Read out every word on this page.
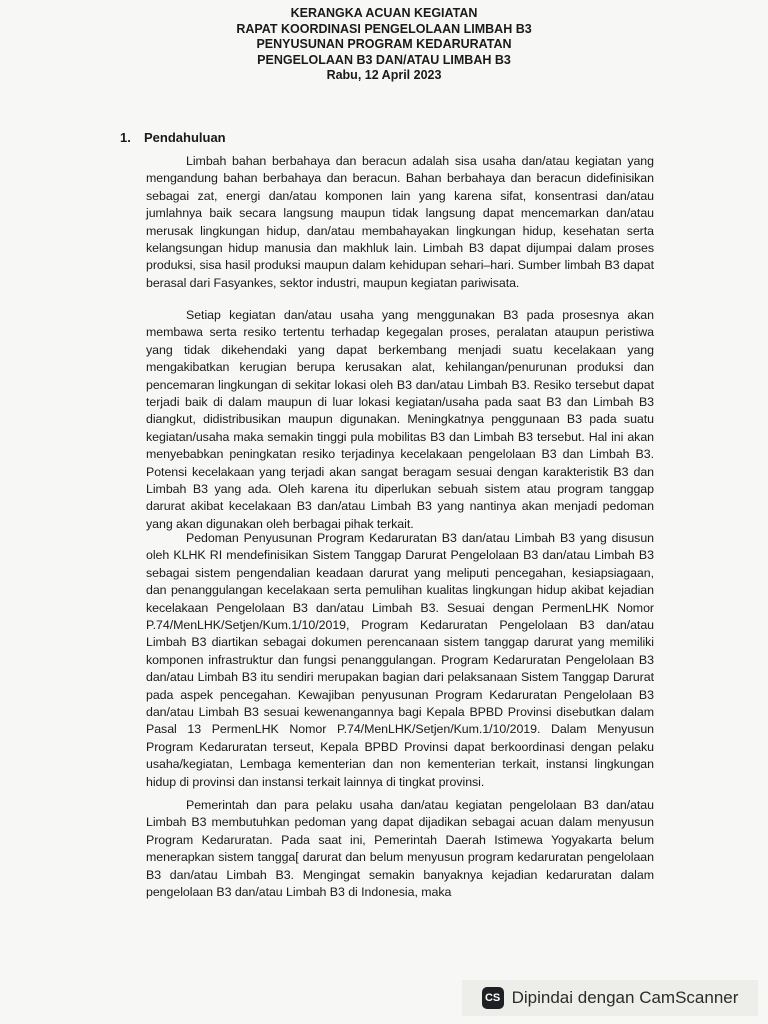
KERANGKA ACUAN KEGIATAN
RAPAT KOORDINASI PENGELOLAAN LIMBAH B3
PENYUSUNAN PROGRAM KEDARURATAN
PENGELOLAAN B3 DAN/ATAU LIMBAH B3
Rabu, 12 April 2023
1. Pendahuluan

Limbah bahan berbahaya dan beracun adalah sisa usaha dan/atau kegiatan yang mengandung bahan berbahaya dan beracun. Bahan berbahaya dan beracun didefinisikan sebagai zat, energi dan/atau komponen lain yang karena sifat, konsentrasi dan/atau jumlahnya baik secara langsung maupun tidak langsung dapat mencemarkan dan/atau merusak lingkungan hidup, dan/atau membahayakan lingkungan hidup, kesehatan serta kelangsungan hidup manusia dan makhluk lain. Limbah B3 dapat dijumpai dalam proses produksi, sisa hasil produksi maupun dalam kehidupan sehari–hari. Sumber limbah B3 dapat berasal dari Fasyankes, sektor industri, maupun kegiatan pariwisata.

Setiap kegiatan dan/atau usaha yang menggunakan B3 pada prosesnya akan membawa serta resiko tertentu terhadap kegegalan proses, peralatan ataupun peristiwa yang tidak dikehendaki yang dapat berkembang menjadi suatu kecelakaan yang mengakibatkan kerugian berupa kerusakan alat, kehilangan/penurunan produksi dan pencemaran lingkungan di sekitar lokasi oleh B3 dan/atau Limbah B3. Resiko tersebut dapat terjadi baik di dalam maupun di luar lokasi kegiatan/usaha pada saat B3 dan Limbah B3 diangkut, didistribusikan maupun digunakan. Meningkatnya penggunaan B3 pada suatu kegiatan/usaha maka semakin tinggi pula mobilitas B3 dan Limbah B3 tersebut. Hal ini akan menyebabkan peningkatan resiko terjadinya kecelakaan pengelolaan B3 dan Limbah B3. Potensi kecelakaan yang terjadi akan sangat beragam sesuai dengan karakteristik B3 dan Limbah B3 yang ada. Oleh karena itu diperlukan sebuah sistem atau program tanggap darurat akibat kecelakaan B3 dan/atau Limbah B3 yang nantinya akan menjadi pedoman yang akan digunakan oleh berbagai pihak terkait.

Pedoman Penyusunan Program Kedaruratan B3 dan/atau Limbah B3 yang disusun oleh KLHK RI mendefinisikan Sistem Tanggap Darurat Pengelolaan B3 dan/atau Limbah B3 sebagai sistem pengendalian keadaan darurat yang meliputi pencegahan, kesiapsiagaan, dan penanggulangan kecelakaan serta pemulihan kualitas lingkungan hidup akibat kejadian kecelakaan Pengelolaan B3 dan/atau Limbah B3. Sesuai dengan PermenLHK Nomor P.74/MenLHK/Setjen/Kum.1/10/2019, Program Kedaruratan Pengelolaan B3 dan/atau Limbah B3 diartikan sebagai dokumen perencanaan sistem tanggap darurat yang memiliki komponen infrastruktur dan fungsi penanggulangan. Program Kedaruratan Pengelolaan B3 dan/atau Limbah B3 itu sendiri merupakan bagian dari pelaksanaan Sistem Tanggap Darurat pada aspek pencegahan. Kewajiban penyusunan Program Kedaruratan Pengelolaan B3 dan/atau Limbah B3 sesuai kewenangannya bagi Kepala BPBD Provinsi disebutkan dalam Pasal 13 PermenLHK Nomor P.74/MenLHK/Setjen/Kum.1/10/2019. Dalam Menyusun Program Kedaruratan terseut, Kepala BPBD Provinsi dapat berkoordinasi dengan pelaku usaha/kegiatan, Lembaga kementerian dan non kementerian terkait, instansi lingkungan hidup di provinsi dan instansi terkait lainnya di tingkat provinsi.

Pemerintah dan para pelaku usaha dan/atau kegiatan pengelolaan B3 dan/atau Limbah B3 membutuhkan pedoman yang dapat dijadikan sebagai acuan dalam menyusun Program Kedaruratan. Pada saat ini, Pemerintah Daerah Istimewa Yogyakarta belum menerapkan sistem tangga[ darurat dan belum menyusun program kedaruratan pengelolaan B3 dan/atau Limbah B3. Mengingat semakin banyaknya kejadian kedaruratan dalam pengelolaan B3 dan/atau Limbah B3 di Indonesia, maka

CS Dipindai dengan CamScanner
